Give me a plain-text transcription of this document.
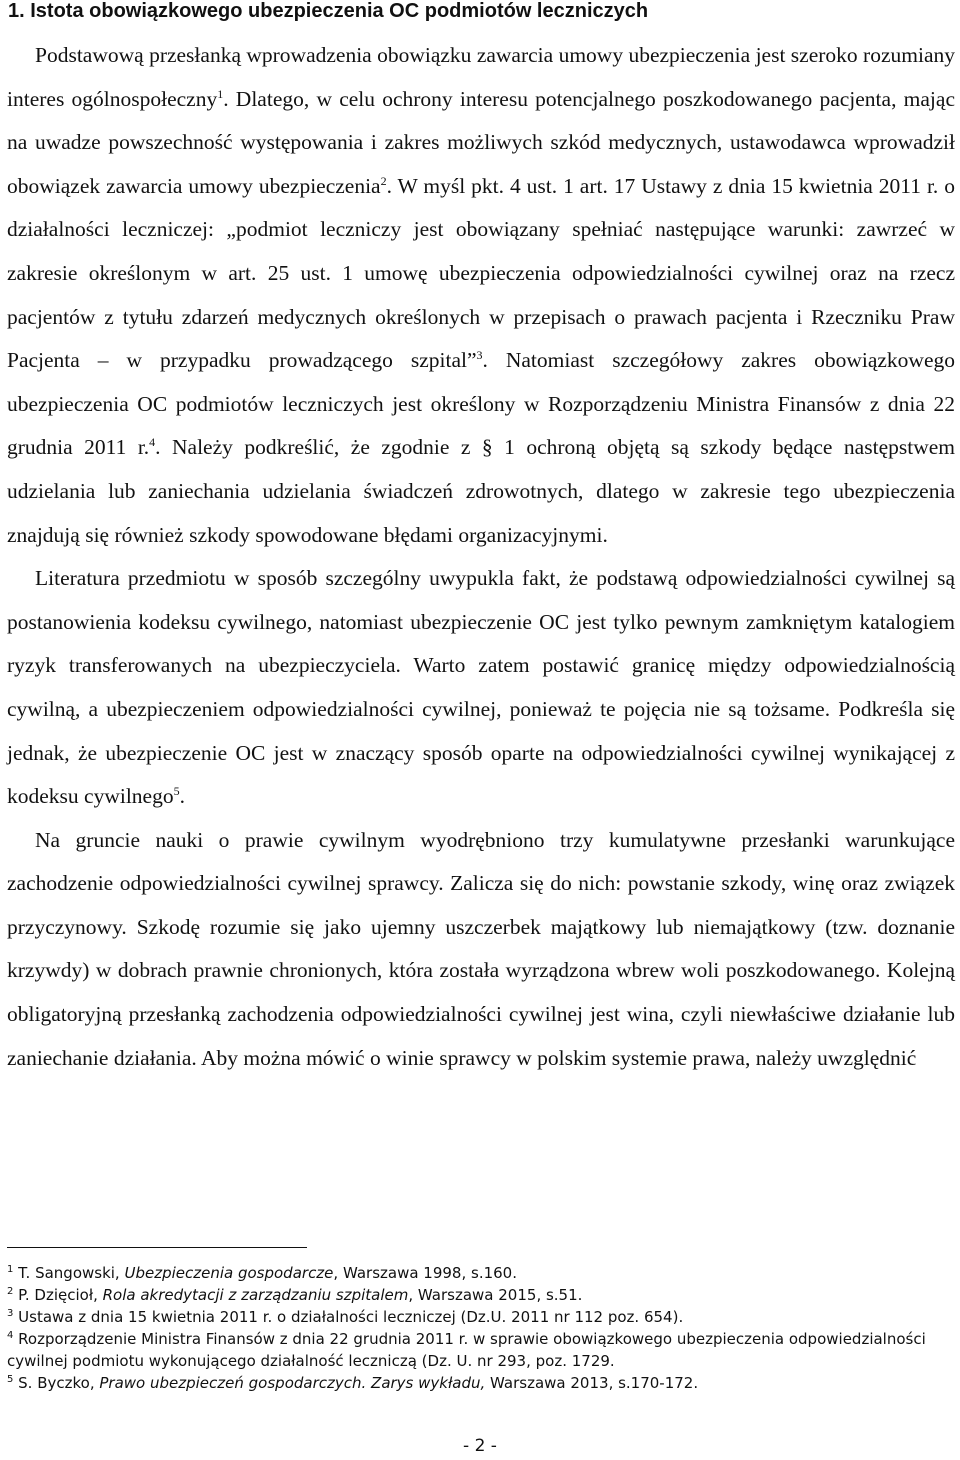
1. Istota obowiązkowego ubezpieczenia OC podmiotów leczniczych

Podstawową przesłanką wprowadzenia obowiązku zawarcia umowy ubezpieczenia jest szeroko rozumiany interes ogólnospołeczny$^1$. Dlatego, w celu ochrony interesu potencjalnego poszkodowanego pacjenta, mając na uwadze powszechność występowania i zakres możliwych szkód medycznych, ustawodawca wprowadził obowiązek zawarcia umowy ubezpieczenia$^2$. W myśl pkt. 4 ust. 1 art. 17 Ustawy z dnia 15 kwietnia 2011 r. o działalności leczniczej: „podmiot leczniczy jest obowiązany spełniać następujące warunki: zawrzeć w zakresie określonym w art. 25 ust. 1 umowę ubezpieczenia odpowiedzialności cywilnej oraz na rzecz pacjentów z tytułu zdarzeń medycznych określonych w przepisach o prawach pacjenta i Rzeczniku Praw Pacjenta – w przypadku prowadzącego szpital”$^3$. Natomiast szczegółowy zakres obowiązkowego ubezpieczenia OC podmiotów leczniczych jest określony w Rozporządzeniu Ministra Finansów z dnia 22 grudnia 2011 r.$^4$. Należy podkreślić, że zgodnie z § 1 ochroną objętą są szkody będące następstwem udzielania lub zaniechania udzielania świadczeń zdrowotnych, dlatego w zakresie tego ubezpieczenia znajdują się również szkody spowodowane błędami organizacyjnymi.

Literatura przedmiotu w sposób szczególny uwypukla fakt, że podstawą odpowiedzialności cywilnej są postanowienia kodeksu cywilnego, natomiast ubezpieczenie OC jest tylko pewnym zamkniętym katalogiem ryzyk transferowanych na ubezpieczyciela. Warto zatem postawić granicę między odpowiedzialnością cywilną, a ubezpieczeniem odpowiedzialności cywilnej, ponieważ te pojęcia nie są tożsame. Podkreśla się jednak, że ubezpieczenie OC jest w znaczący sposób oparte na odpowiedzialności cywilnej wynikającej z kodeksu cywilnego$^5$.

Na gruncie nauki o prawie cywilnym wyodrębniono trzy kumulatywne przesłanki warunkujące zachodzenie odpowiedzialności cywilnej sprawcy. Zalicza się do nich: powstanie szkody, winę oraz związek przyczynowy. Szkodę rozumie się jako ujemny uszczerbek majątkowy lub niemajątkowy (tzw. doznanie krzywdy) w dobrach prawnie chronionych, która została wyrządzona wbrew woli poszkodowanego. Kolejną obligatoryjną przesłanką zachodzenia odpowiedzialności cywilnej jest wina, czyli niewłaściwe działanie lub zaniechanie działania. Aby można mówić o winie sprawcy w polskim systemie prawa, należy uwzględnić

$^1$ T. Sangowski, Ubezpieczenia gospodarcze, Warszawa 1998, s.160.

$^2$ P. Dzięcioł, Rola akredytacji z zarządzaniu szpitalem, Warszawa 2015, s.51.

$^3$ Ustawa z dnia 15 kwietnia 2011 r. o działalności leczniczej (Dz.U. 2011 nr 112 poz. 654).

$^4$ Rozporządzenie Ministra Finansów z dnia 22 grudnia 2011 r. w sprawie obowiązkowego ubezpieczenia odpowiedzialności cywilnej podmiotu wykonującego działalność leczniczą (Dz. U. nr 293, poz. 1729.

$^5$ S. Byczko, Prawo ubezpieczeń gospodarczych. Zarys wykładu, Warszawa 2013, s.170-172.

- 2 -
